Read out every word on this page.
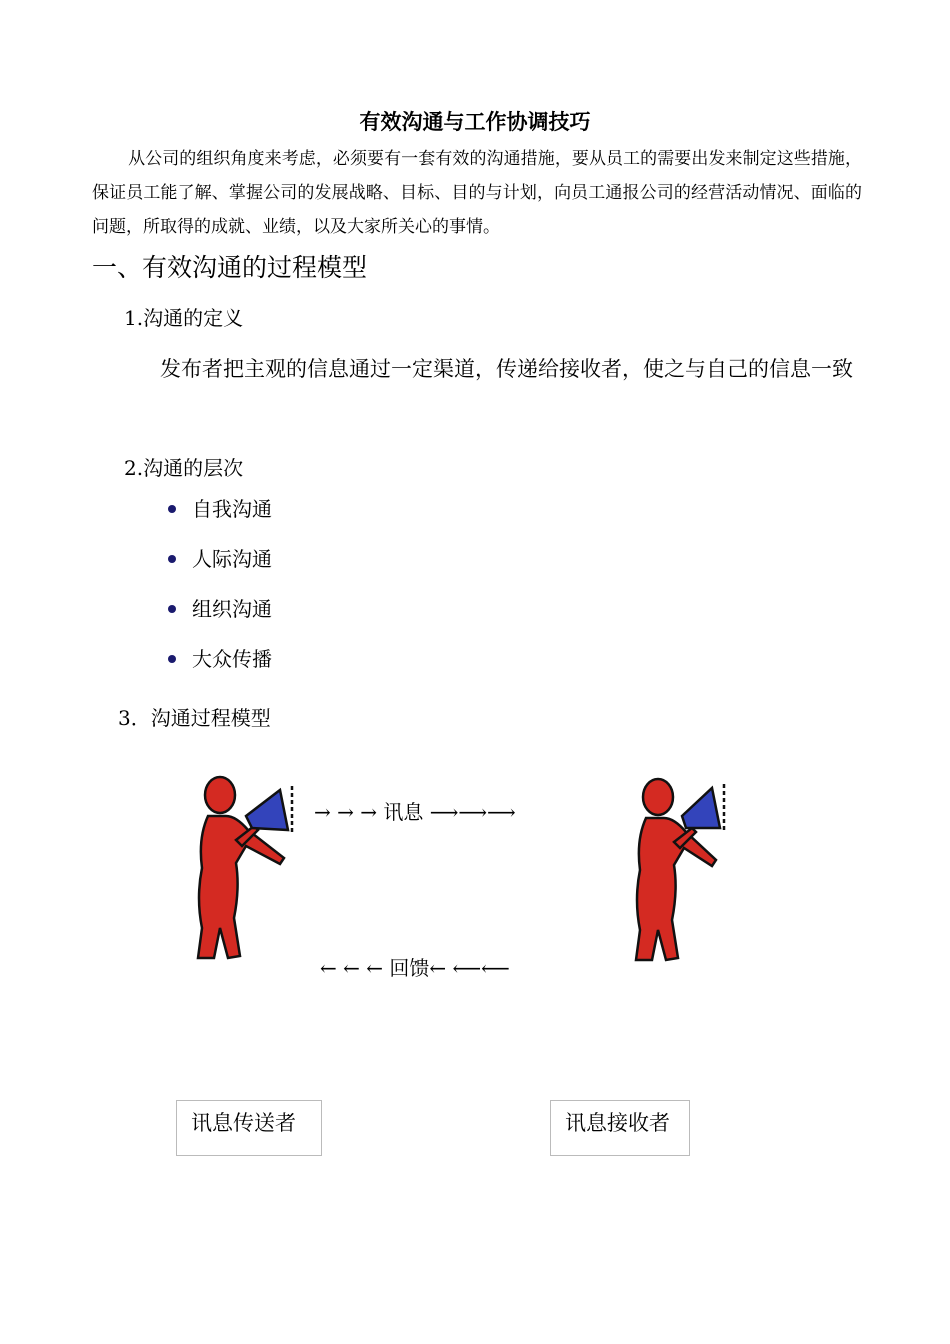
有效沟通与工作协调技巧
从公司的组织角度来考虑，必须要有一套有效的沟通措施，要从员工的需要出发来制定这些措施，保证员工能了解、掌握公司的发展战略、目标、目的与计划，向员工通报公司的经营活动情况、面临的问题，所取得的成就、业绩，以及大家所关心的事情。
一、有效沟通的过程模型
1.沟通的定义
发布者把主观的信息通过一定渠道，传递给接收者，使之与自己的信息一致
2.沟通的层次
自我沟通
人际沟通
组织沟通
大众传播
3．沟通过程模型
→ → → 讯息 ⟶⟶⟶
← ← ← 回馈← ⟵⟵
讯息传送者	讯息接收者
